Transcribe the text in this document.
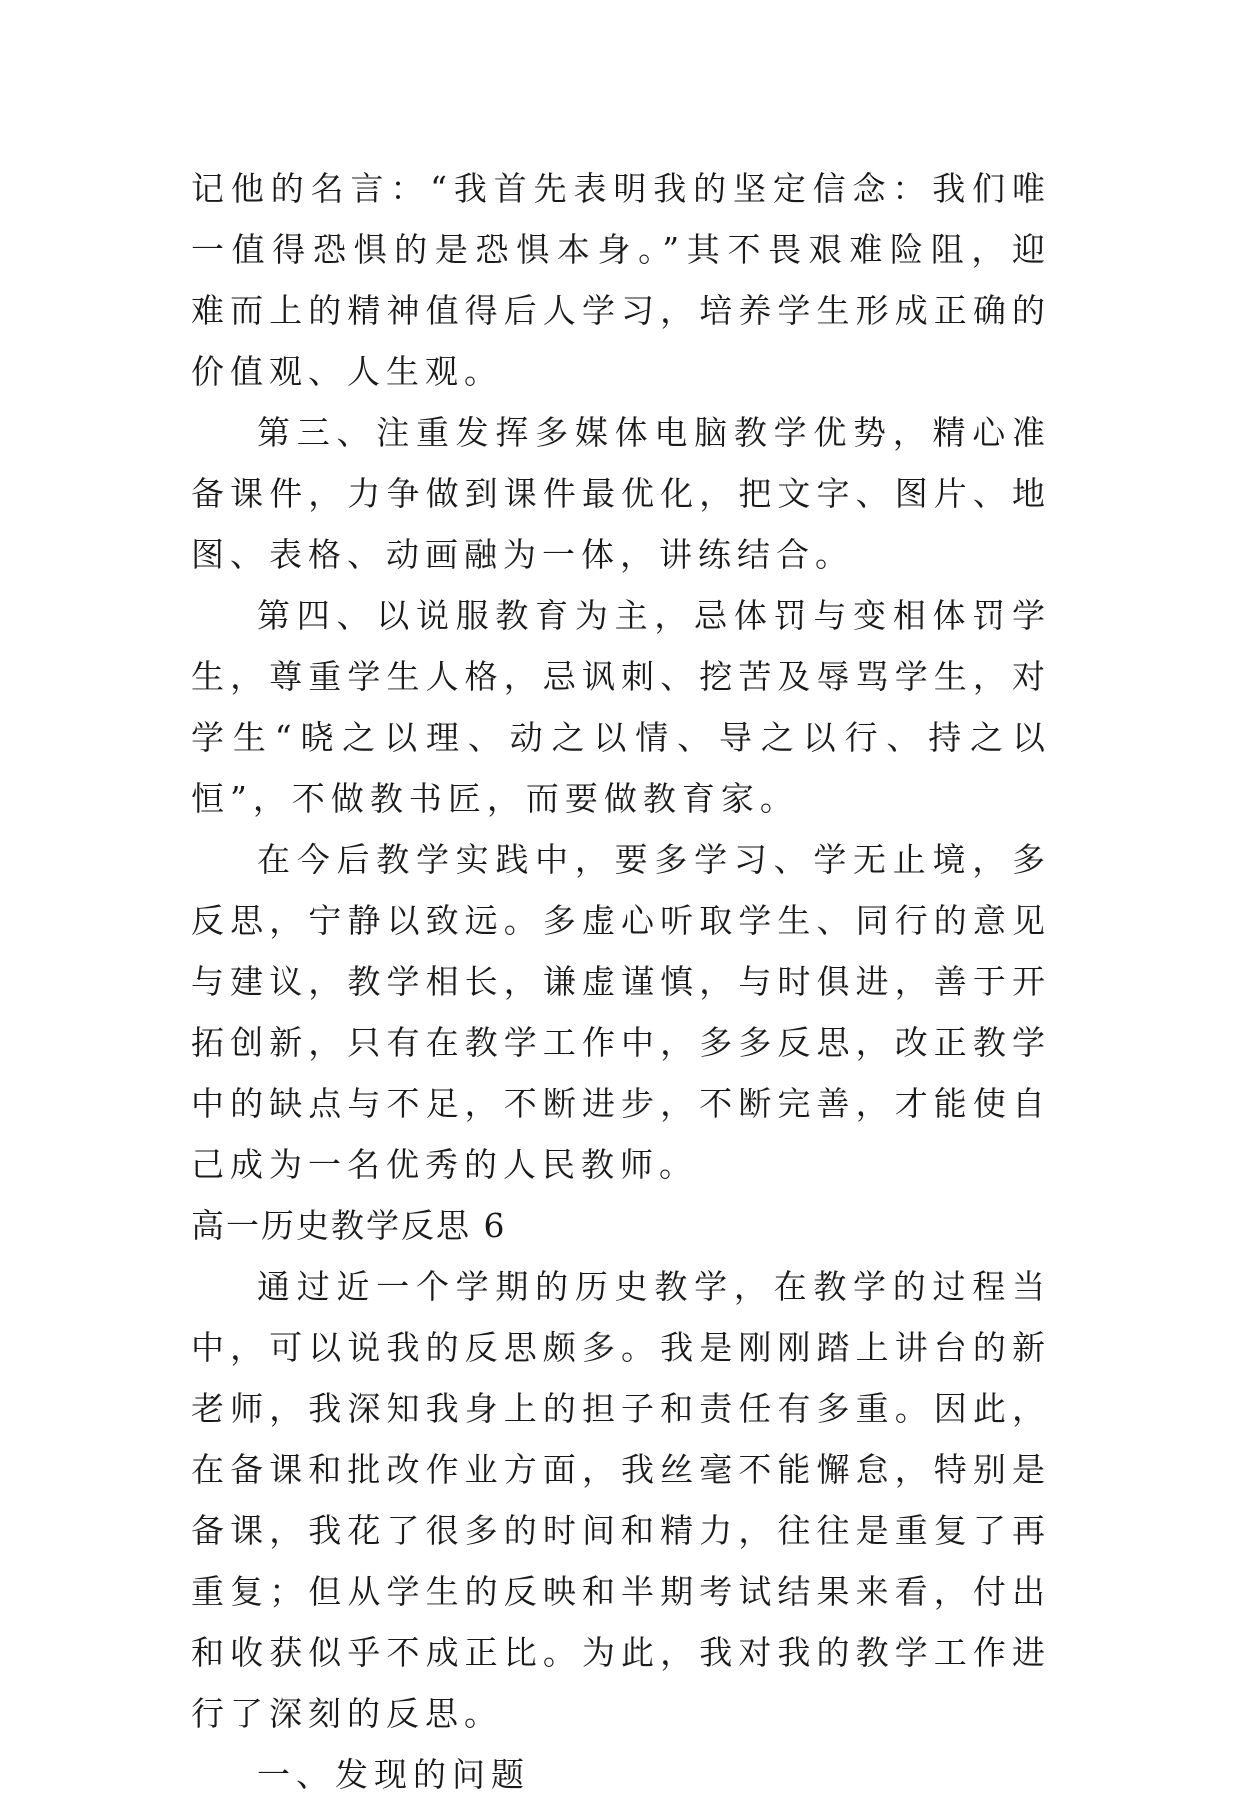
记他的名言：“我首先表明我的坚定信念：我们唯一值得恐惧的是恐惧本身。”其不畏艰难险阻，迎难而上的精神值得后人学习，培养学生形成正确的价值观、人生观。

第三、注重发挥多媒体电脑教学优势，精心准备课件，力争做到课件最优化，把文字、图片、地图、表格、动画融为一体，讲练结合。

第四、以说服教育为主，忌体罚与变相体罚学生，尊重学生人格，忌讽刺、挖苦及辱骂学生，对学生“晓之以理、动之以情、导之以行、持之以恒”，不做教书匠，而要做教育家。

在今后教学实践中，要多学习、学无止境，多反思，宁静以致远。多虚心听取学生、同行的意见与建议，教学相长，谦虚谨慎，与时俱进，善于开拓创新，只有在教学工作中，多多反思，改正教学中的缺点与不足，不断进步，不断完善，才能使自己成为一名优秀的人民教师。

高一历史教学反思 6

通过近一个学期的历史教学，在教学的过程当中，可以说我的反思颇多。我是刚刚踏上讲台的新老师，我深知我身上的担子和责任有多重。因此，在备课和批改作业方面，我丝毫不能懈怠，特别是备课，我花了很多的时间和精力，往往是重复了再重复；但从学生的反映和半期考试结果来看，付出和收获似乎不成正比。为此，我对我的教学工作进行了深刻的反思。

一、发现的问题
